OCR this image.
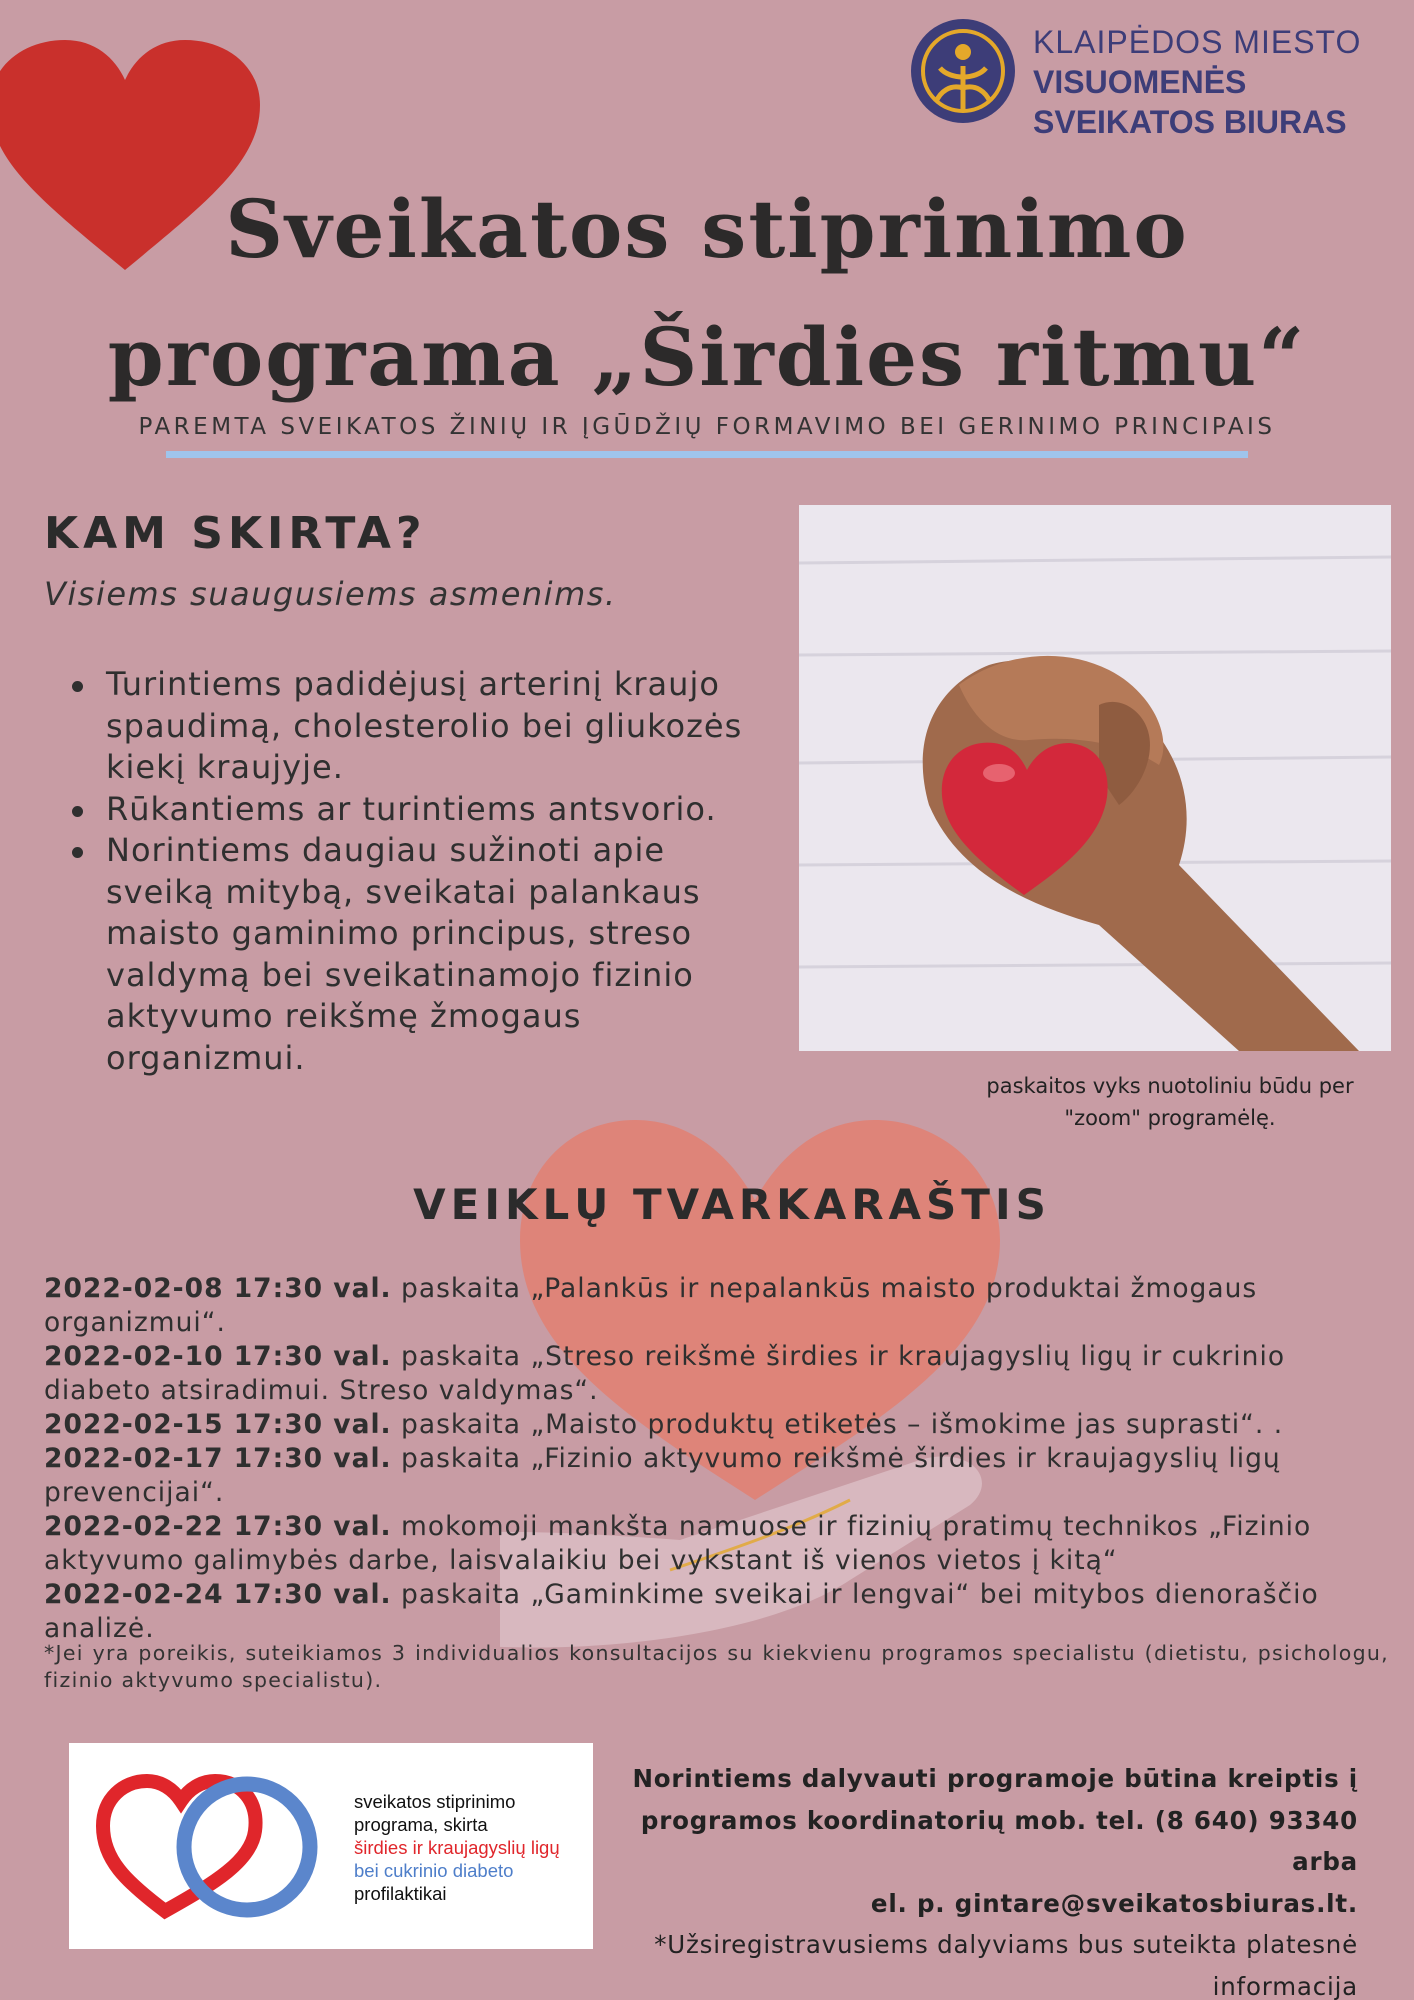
KLAIPĖDOS MIESTO
VISUOMENĖS
SVEIKATOS BIURAS
Sveikatos stiprinimo
programa „Širdies ritmu“
PAREMTA SVEIKATOS ŽINIŲ IR ĮGŪDŽIŲ FORMAVIMO BEI GERINIMO PRINCIPAIS
KAM SKIRTA?
Visiems suaugusiems asmenims.
Turintiems padidėjusį arterinį kraujo spaudimą, cholesterolio bei gliukozės kiekį kraujyje.
Rūkantiems ar turintiems antsvorio.
Norintiems daugiau sužinoti apie sveiką mitybą, sveikatai palankaus maisto gaminimo principus, streso valdymą bei sveikatinamojo fizinio aktyvumo reikšmę žmogaus organizmui.
paskaitos vyks nuotoliniu būdu per
"zoom" programėlę.
VEIKLŲ TVARKARAŠTIS
2022-02-08 17:30 val. paskaita „Palankūs ir nepalankūs maisto produktai žmogaus organizmui“.
2022-02-10 17:30 val. paskaita „Streso reikšmė širdies ir kraujagyslių ligų ir cukrinio diabeto atsiradimui. Streso valdymas“.
2022-02-15 17:30 val. paskaita „Maisto produktų etiketės – išmokime jas suprasti“. .
2022-02-17 17:30 val. paskaita „Fizinio aktyvumo reikšmė širdies ir kraujagyslių ligų prevencijai“.
2022-02-22 17:30 val. mokomoji mankšta namuose ir fizinių pratimų technikos „Fizinio aktyvumo galimybės darbe, laisvalaikiu bei vykstant iš vienos vietos į kitą“
2022-02-24 17:30 val. paskaita „Gaminkime sveikai ir lengvai“ bei mitybos dienoraščio analizė.
*Jei yra poreikis, suteikiamos 3 individualios konsultacijos su kiekvienu programos specialistu (dietistu, psichologu, fizinio aktyvumo specialistu).
sveikatos stiprinimo
programa, skirta
širdies ir kraujagyslių ligų
bei cukrinio diabeto
profilaktikai
Norintiems dalyvauti programoje būtina kreiptis į
programos koordinatorių mob. tel. (8 640) 93340 arba
el. p. gintare@sveikatosbiuras.lt.
*Užsiregistravusiems dalyviams bus suteikta platesnė
informacija
